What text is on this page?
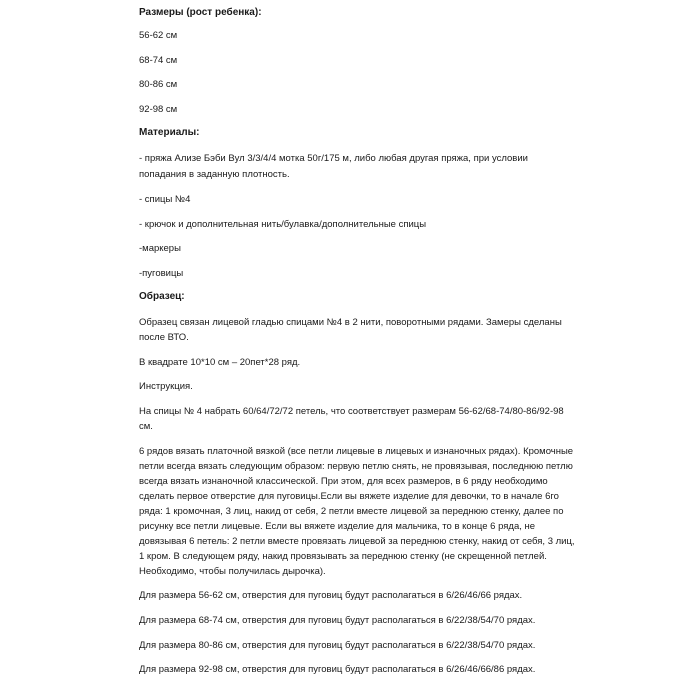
Размеры (рост ребенка):

56-62 см

68-74 см

80-86 см

92-98 см

Материалы:

- пряжа Ализе Бэби Вул 3/3/4/4 мотка 50г/175 м, либо любая другая пряжа, при условии

попадания в заданную плотность.

- спицы №4

- крючок и дополнительная нить/булавка/дополнительные спицы

-маркеры

-пуговицы

Образец:

Образец связан лицевой гладью спицами №4 в 2 нити, поворотными рядами. Замеры сделаны

после ВТО.

В квадрате 10*10 см – 20пет*28 ряд.

Инструкция.

На спицы № 4 набрать 60/64/72/72 петель, что соответствует размерам 56-62/68-74/80-86/92-98

см.

6 рядов вязать платочной вязкой (все петли лицевые в лицевых и изнаночных рядах). Кромочные

петли всегда вязать следующим образом: первую петлю снять, не провязывая, последнюю петлю

всегда вязать изнаночной классической. При этом, для всех размеров, в 6 ряду необходимо

сделать первое отверстие для пуговицы.Если вы вяжете изделие для девочки, то в начале 6го

ряда: 1 кромочная, 3 лиц, накид от себя, 2 петли вместе лицевой за переднюю стенку, далее по

рисунку все петли лицевые. Если вы вяжете изделие для мальчика, то в конце 6 ряда, не

довязывая 6 петель: 2 петли вместе провязать лицевой за переднюю стенку, накид от себя, 3 лиц,

1 кром. В следующем ряду, накид провязывать за переднюю стенку (не скрещенной петлей.

Необходимо, чтобы получилась дырочка).

Для размера 56-62 см, отверстия для пуговиц будут располагаться в 6/26/46/66 рядах.

Для размера 68-74 см, отверстия для пуговиц будут располагаться в 6/22/38/54/70 рядах.

Для размера 80-86 см, отверстия для пуговиц будут располагаться в 6/22/38/54/70 рядах.

Для размера 92-98 см, отверстия для пуговиц будут располагаться в 6/26/46/66/86 рядах.
